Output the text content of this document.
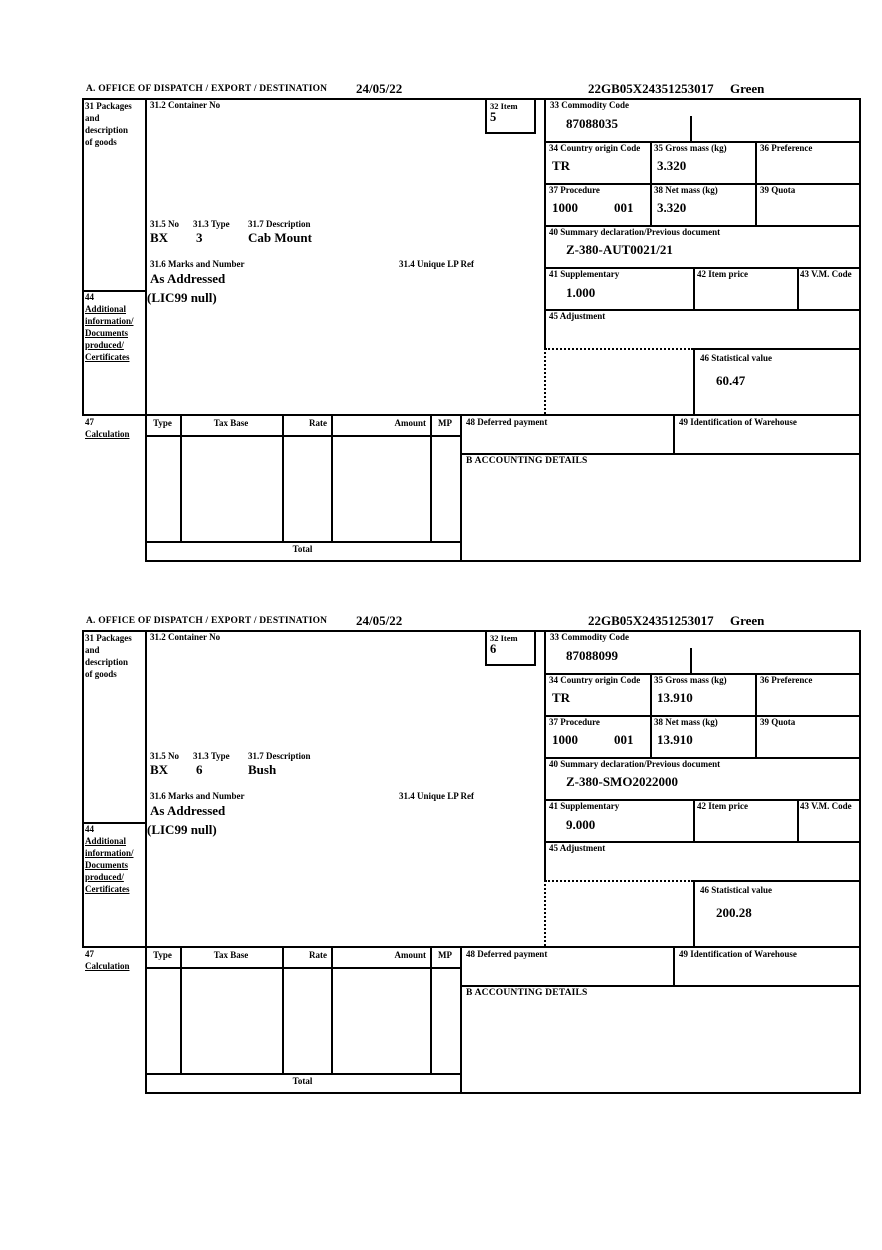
A. OFFICE OF DISPATCH / EXPORT / DESTINATION 24/05/22	22GB05X24351253017 Green
31 Packages
and
description
of goods
31.2 Container No	32 Item
5
33 Commodity Code
87088035
34 Country origin Code
TR
35 Gross mass (kg)
3.320
36 Preference
37 Procedure
1000	001
38 Net mass (kg)
3.320
39 Quota
40 Summary declaration/Previous document
Z-380-AUT0021/21
41 Supplementary
1.000
42 Item price	43 V.M. Code
45 Adjustment
46 Statistical value
60.47
31.5 No 31.3 Type 31.7 Description
BX 3	Cab Mount
31.6 Marks and Number	31.4 Unique LP Ref
As Addressed
44
Additional
information/
Documents
produced/
Certificates
(LIC99 null)
47
Calculation
Type	Tax Base	Rate	Amount	MP
Total
48 Deferred payment	49 Identification of Warehouse
B ACCOUNTING DETAILS
A. OFFICE OF DISPATCH / EXPORT / DESTINATION 24/05/22	22GB05X24351253017 Green
31 Packages
and
description
of goods
31.2 Container No	32 Item
6
33 Commodity Code
87088099
34 Country origin Code
TR
35 Gross mass (kg)
13.910
36 Preference
37 Procedure
1000	001
38 Net mass (kg)
13.910
39 Quota
40 Summary declaration/Previous document
Z-380-SMO2022000
41 Supplementary
9.000
42 Item price	43 V.M. Code
45 Adjustment
46 Statistical value
200.28
31.5 No 31.3 Type 31.7 Description
BX 6	Bush
31.6 Marks and Number	31.4 Unique LP Ref
As Addressed
44
Additional
information/
Documents
produced/
Certificates
(LIC99 null)
47
Calculation
Type	Tax Base	Rate	Amount	MP
Total
48 Deferred payment	49 Identification of Warehouse
B ACCOUNTING DETAILS
